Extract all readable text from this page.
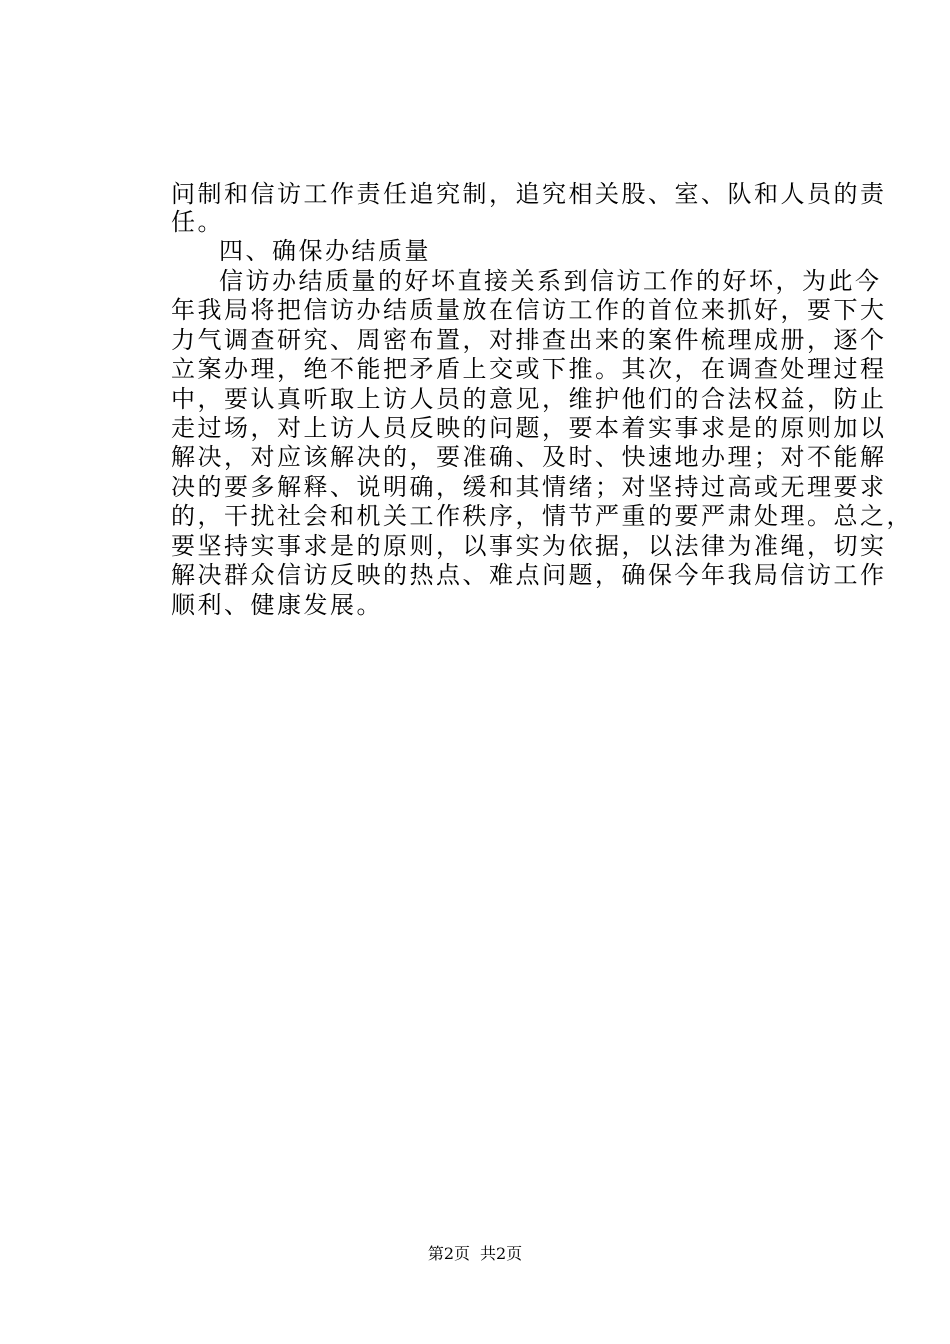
问制和信访工作责任追究制，追究相关股、室、队和人员的责
任。
四、确保办结质量
信访办结质量的好坏直接关系到信访工作的好坏，为此今
年我局将把信访办结质量放在信访工作的首位来抓好，要下大
力气调查研究、周密布置，对排查出来的案件梳理成册，逐个
立案办理，绝不能把矛盾上交或下推。其次，在调查处理过程
中，要认真听取上访人员的意见，维护他们的合法权益，防止
走过场，对上访人员反映的问题，要本着实事求是的原则加以
解决，对应该解决的，要准确、及时、快速地办理；对不能解
决的要多解释、说明确，缓和其情绪；对坚持过高或无理要求
的，干扰社会和机关工作秩序，情节严重的要严肃处理。总之，
要坚持实事求是的原则，以事实为依据，以法律为准绳，切实
解决群众信访反映的热点、难点问题，确保今年我局信访工作
顺利、健康发展。
第2页 共2页
